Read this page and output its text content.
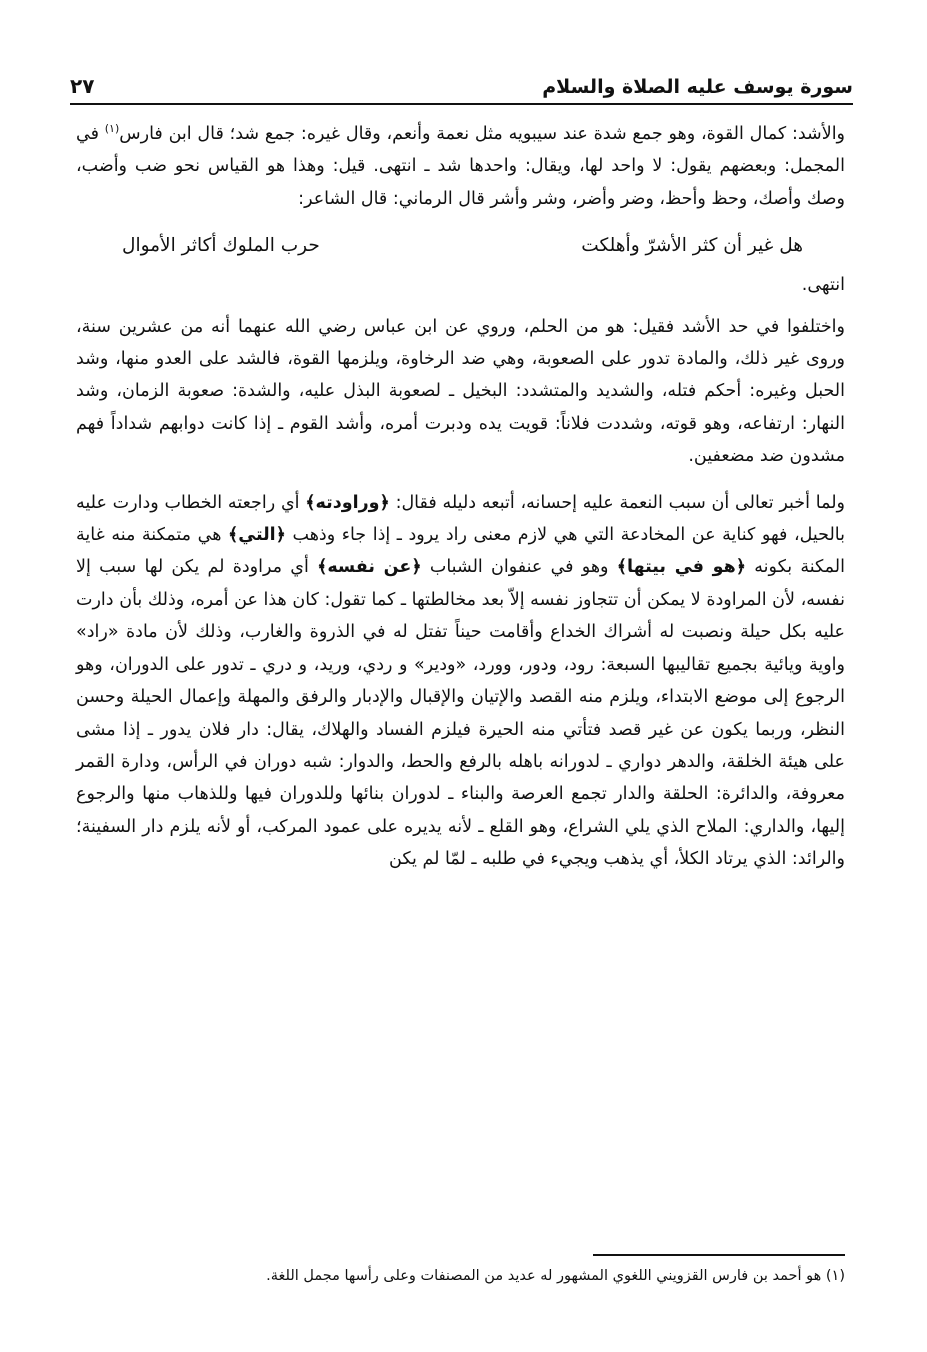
سورة يوسف عليه الصلاة والسلام
٢٧

والأشد: كمال القوة، وهو جمع شدة عند سيبويه مثل نعمة وأنعم، وقال غيره: جمع شد؛ قال ابن فارس$^{(١)}$ في المجمل: وبعضهم يقول: لا واحد لها، ويقال: واحدها شد ـ انتهى. قيل: وهذا هو القياس نحو ضب وأضب، وصك وأصك، وحظ وأحظ، وضر وأضر، وشر وأشر قال الرماني: قال الشاعر:

هل غير أن كثر الأشرّ وأهلكت
حرب الملوك أكاثر الأموال

انتهى.

واختلفوا في حد الأشد فقيل: هو من الحلم، وروي عن ابن عباس رضي الله عنهما أنه من عشرين سنة، وروى غير ذلك، والمادة تدور على الصعوبة، وهي ضد الرخاوة، ويلزمها القوة، فالشد على العدو منها، وشد الحبل وغيره: أحكم فتله، والشديد والمتشدد: البخيل ـ لصعوبة البذل عليه، والشدة: صعوبة الزمان، وشد النهار: ارتفاعه، وهو قوته، وشددت فلاناً: قويت يده ودبرت أمره، وأشد القوم ـ إذا كانت دوابهم شداداً فهم مشدون ضد مضعفين.

ولما أخبر تعالى أن سبب النعمة عليه إحسانه، أتبعه دليله فقال: ﴿وراودته﴾ أي راجعته الخطاب ودارت عليه بالحيل، فهو كناية عن المخادعة التي هي لازم معنى راد يرود ـ إذا جاء وذهب ﴿التي﴾ هي متمكنة منه غاية المكنة بكونه ﴿هو في بيتها﴾ وهو في عنفوان الشباب ﴿عن نفسه﴾ أي مراودة لم يكن لها سبب إلا نفسه، لأن المراودة لا يمكن أن تتجاوز نفسه إلاّ بعد مخالطتها ـ كما تقول: كان هذا عن أمره، وذلك بأن دارت عليه بكل حيلة ونصبت له أشراك الخداع وأقامت حيناً تفتل له في الذروة والغارب، وذلك لأن مادة «راد» واوية ويائية بجميع تقاليبها السبعة: رود، ودور، وورد، «ودير» و ردي، وريد، و دري ـ تدور على الدوران، وهو الرجوع إلى موضع الابتداء، ويلزم منه القصد والإتيان والإقبال والإدبار والرفق والمهلة وإعمال الحيلة وحسن النظر، وربما يكون عن غير قصد فتأتي منه الحيرة فيلزم الفساد والهلاك، يقال: دار فلان يدور ـ إذا مشى على هيئة الخلقة، والدهر دواري ـ لدورانه باهله بالرفع والحط، والدوار: شبه دوران في الرأس، ودارة القمر معروفة، والدائرة: الحلقة والدار تجمع العرصة والبناء ـ لدوران بنائها وللدوران فيها وللذهاب منها والرجوع إليها، والداري: الملاح الذي يلي الشراع، وهو القلع ـ لأنه يديره على عمود المركب، أو لأنه يلزم دار السفينة؛ والرائد: الذي يرتاد الكلأ، أي يذهب ويجيء في طلبه ـ لمّا لم يكن

(١) هو أحمد بن فارس القزويني اللغوي المشهور له عديد من المصنفات وعلى رأسها مجمل اللغة.
